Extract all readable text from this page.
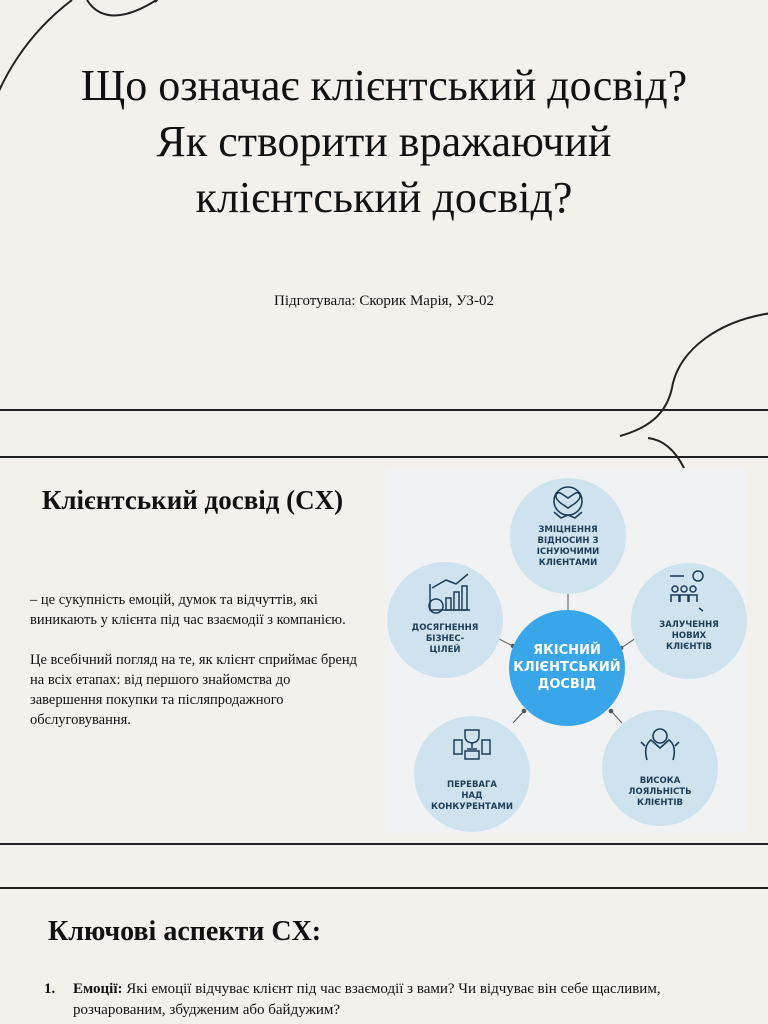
Що означає клієнтський досвід? Як створити вражаючий клієнтський досвід?
Підготувала: Скорик Марія, УЗ-02
Клієнтський досвід (CX)

– це сукупність емоцій, думок та відчуттів, які виникають у клієнта під час взаємодії з компанією.

Це всебічний погляд на те, як клієнт сприймає бренд на всіх етапах: від першого знайомства до завершення покупки та післяпродажного обслуговування.

ЗМІЦНЕННЯ
ВІДНОСИН З
ІСНУЮЧИМИ
КЛІЄНТАМИ
ЗАЛУЧЕННЯ
НОВИХ
КЛІЄНТІВ
ВИСОКА
ЛОЯЛЬНІСТЬ
КЛІЄНТІВ
ПЕРЕВАГА
НАД
КОНКУРЕНТАМИ
ДОСЯГНЕННЯ
БІЗНЕС-
ЦІЛЕЙ	ЯКІСНИЙ
КЛІЄНТСЬКИЙ
ДОСВІД
Ключові аспекти CX:
1. Емоції: Які емоції відчуває клієнт під час взаємодії з вами? Чи відчуває він себе щасливим, розчарованим, збудженим або байдужим?
